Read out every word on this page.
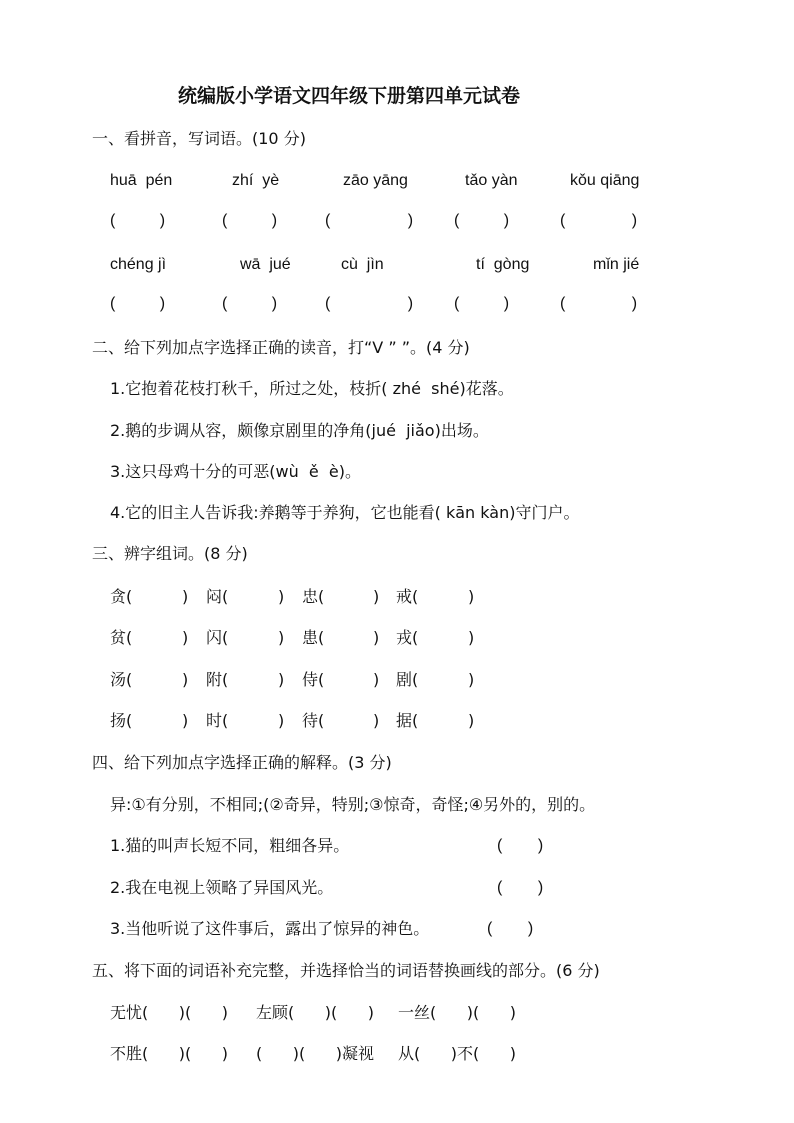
统编版小学语文四年级下册第四单元试卷
一、看拼音，写词语。(10 分)
huā  pén	zhí  yè	zāo yāng	tǎo yàn	kǒu qiāng
(          )	(          )	(          ) (          )	(          )
chéng jì	wā  jué	cù  jìn	tí  gòng	mǐn jié
(          )	(          )	(          ) (          )	(          )
二、给下列加点字选择正确的读音，打“V ” ”。(4 分)
1.它抱着花枝打秋千，所过之处，枝折( zhé  shé)花落。
2.鹅的步调从容，颇像京剧里的净角(jué  jiǎo)出场。
3.这只母鸡十分的可恶(wù  ě  è)。
4.它的旧主人告诉我:养鹅等于养狗，它也能看( kān kàn)守门户。
三、辨字组词。(8 分)
贪(	) 闷(	) 忠(	) 戒(	)
贫(	) 闪(	) 患(	) 戎(	)
汤(	) 附(	) 侍(	) 剧(	)
扬(	) 时(	) 待(	) 据(	)
四、给下列加点字选择正确的解释。(3 分)
异:①有分别，不相同;(②奇异，特别;③惊奇，奇怪;④另外的，别的。
1.猫的叫声长短不同，粗细各异。	(        )
2.我在电视上领略了异国风光。	(        )
3.当他听说了这件事后，露出了惊异的神色。	(        )
五、将下面的词语补充完整，并选择恰当的词语替换画线的部分。(6 分)
无忧(      )(      ) 左顾(      )(      ) 一丝(      )(      )
不胜(      )(      ) (      )(      )凝视 从(      )不(      )
